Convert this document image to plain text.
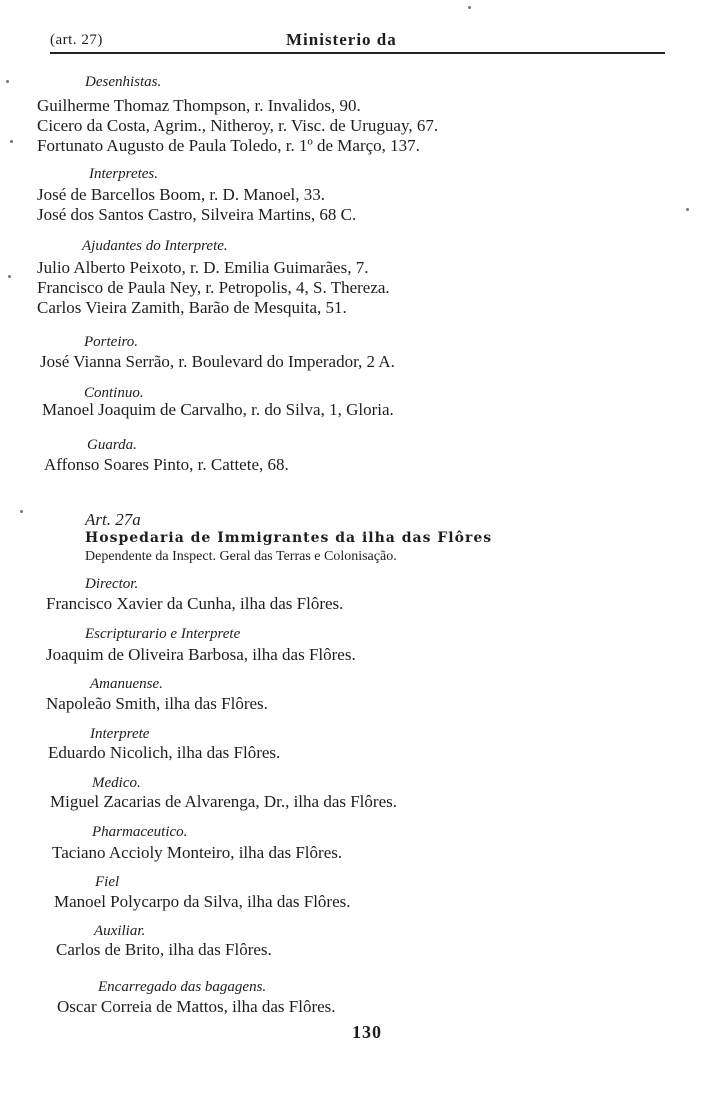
(art. 27)	Ministerio da
Desenhistas.
Guilherme Thomaz Thompson, r. Invalidos, 90.
Cicero da Costa, Agrim., Nitheroy, r. Visc. de Uruguay, 67.
Fortunato Augusto de Paula Toledo, r. 1º de Março, 137.
Interpretes.
José de Barcellos Boom, r. D. Manoel, 33.
José dos Santos Castro, Silveira Martins, 68 C.
Ajudantes do Interprete.
Julio Alberto Peixoto, r. D. Emilia Guimarães, 7.
Francisco de Paula Ney, r. Petropolis, 4, S. Thereza.
Carlos Vieira Zamith, Barão de Mesquita, 51.
Porteiro.
José Vianna Serrão, r. Boulevard do Imperador, 2 A.
Continuo.
Manoel Joaquim de Carvalho, r. do Silva, 1, Gloria.
Guarda.
Affonso Soares Pinto, r. Cattete, 68.
Art. 27a
Hospedaria de Immigrantes da ilha das Flôres
Dependente da Inspect. Geral das Terras e Colonisação.
Director.
Francisco Xavier da Cunha, ilha das Flôres.
Escripturario e Interprete
Joaquim de Oliveira Barbosa, ilha das Flôres.
Amanuense.
Napoleão Smith, ilha das Flôres.
Interprete
Eduardo Nicolich, ilha das Flôres.
Medico.
Miguel Zacarias de Alvarenga, Dr., ilha das Flôres.
Pharmaceutico.
Taciano Accioly Monteiro, ilha das Flôres.
Fiel
Manoel Polycarpo da Silva, ilha das Flôres.
Auxiliar.
Carlos de Brito, ilha das Flôres.
Encarregado das bagagens.
Oscar Correia de Mattos, ilha das Flôres.
130
